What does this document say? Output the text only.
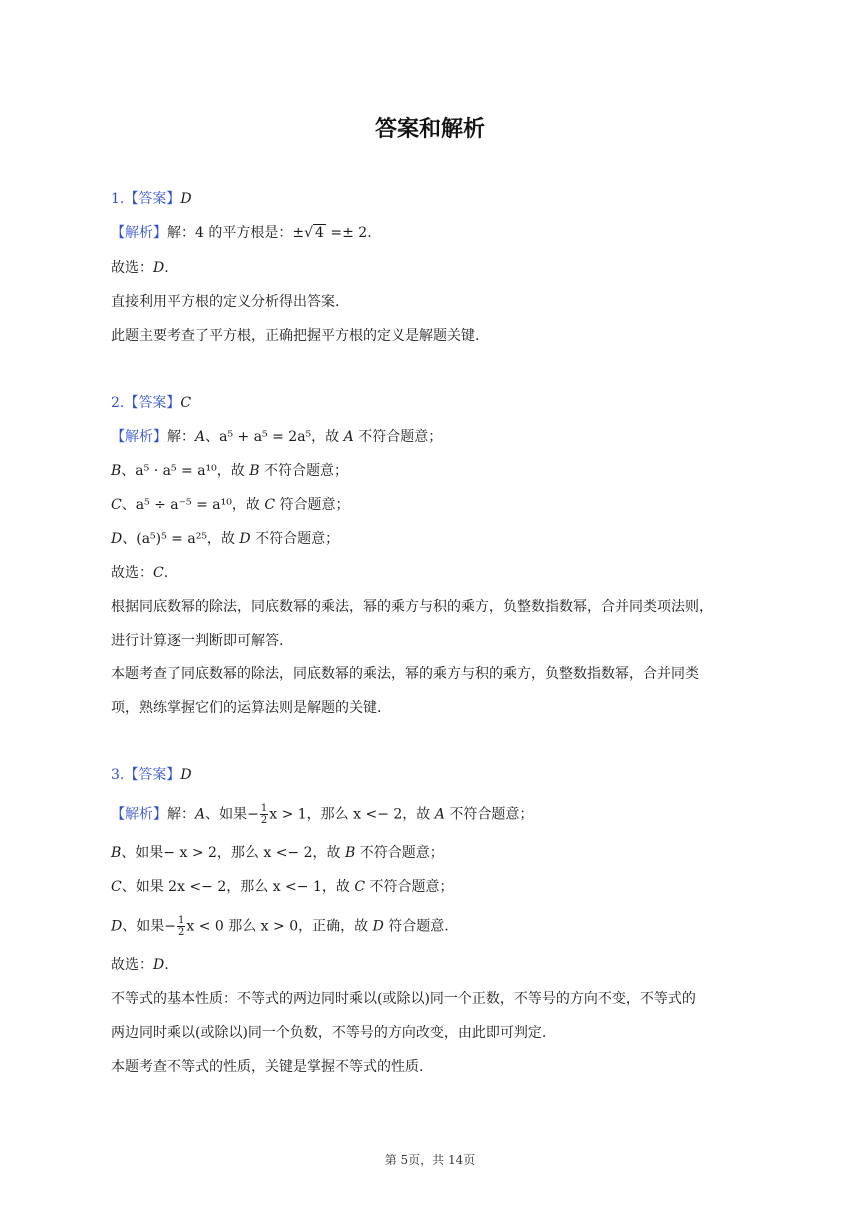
答案和解析
1.【答案】D
【解析】解：4 的平方根是：±√ 4 =± 2.
故选：D.
直接利用平方根的定义分析得出答案.
此题主要考查了平方根，正确把握平方根的定义是解题关键.
2.【答案】C
【解析】解：A、a⁵ + a⁵ = 2a⁵，故 A 不符合题意；
B、a⁵ · a⁵ = a¹⁰，故 B 不符合题意；
C、a⁵ ÷ a⁻⁵ = a¹⁰，故 C 符合题意；
D、(a⁵)⁵ = a²⁵，故 D 不符合题意；
故选：C.
根据同底数幂的除法，同底数幂的乘法，幂的乘方与积的乘方，负整数指数幂，合并同类项法则，
进行计算逐一判断即可解答.
本题考查了同底数幂的除法，同底数幂的乘法，幂的乘方与积的乘方，负整数指数幂，合并同类
项，熟练掌握它们的运算法则是解题的关键.
3.【答案】D
【解析】解：A、如果− $\frac{1}{2}$ x > 1，那么 x <− 2，故 A 不符合题意；
B、如果− x > 2，那么 x <− 2，故 B 不符合题意；
C、如果 2x <− 2，那么 x <− 1，故 C 不符合题意；
D、如果− $\frac{1}{2}$ x < 0 那么 x > 0，正确，故 D 符合题意.
故选：D.
不等式的基本性质：不等式的两边同时乘以(或除以)同一个正数，不等号的方向不变，不等式的
两边同时乘以(或除以)同一个负数，不等号的方向改变，由此即可判定.
本题考查不等式的性质，关键是掌握不等式的性质.
第 5页，共 14页
